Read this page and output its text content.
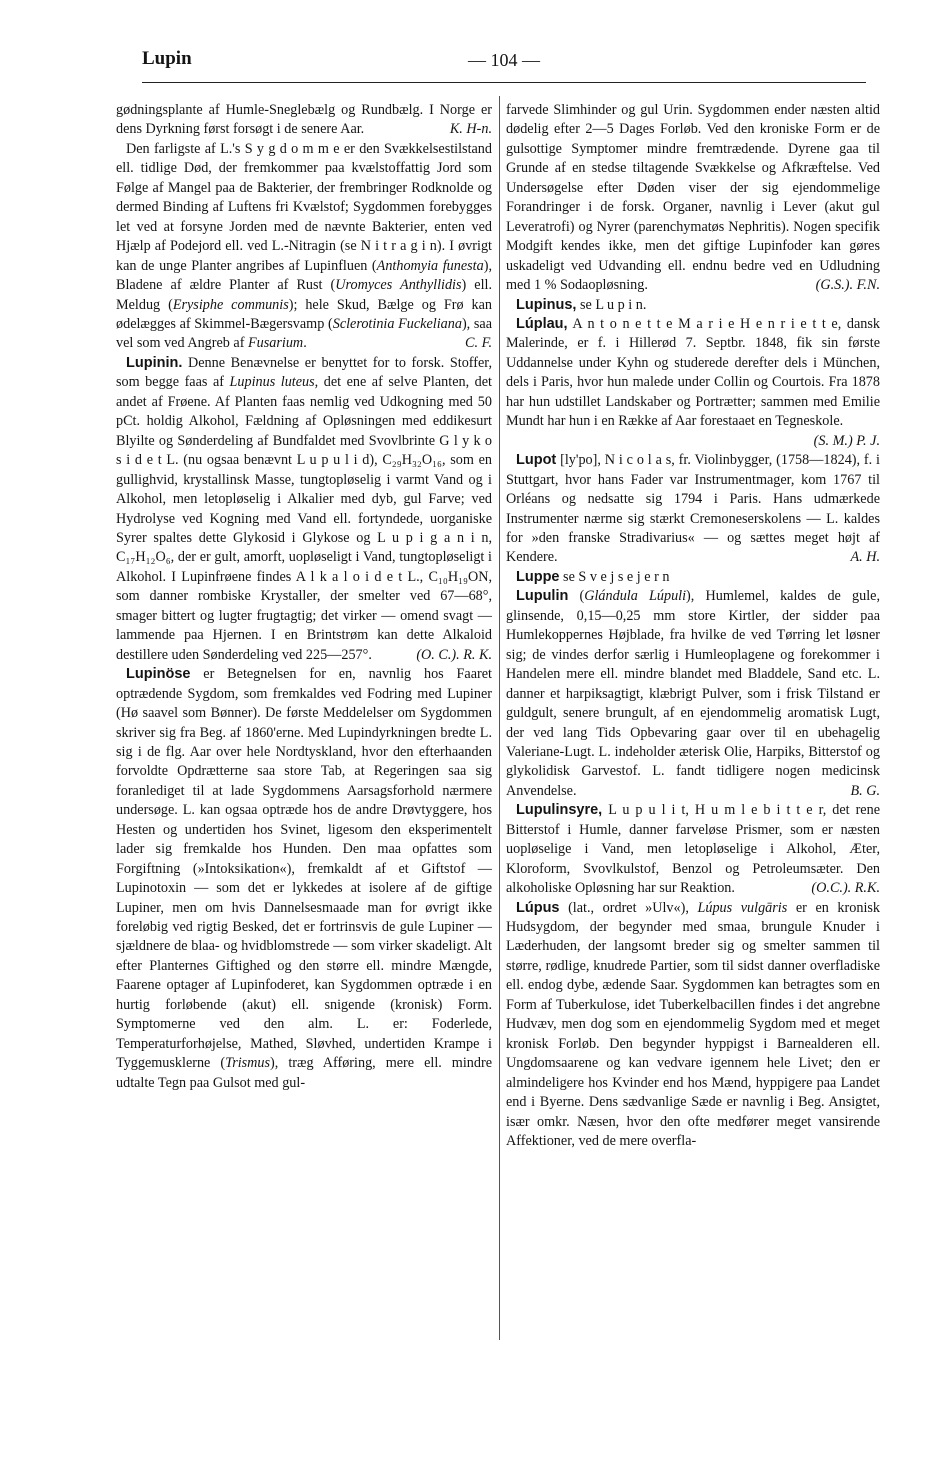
Lupin	— 104 —

gødningsplante af Humle-Sneglebælg og Rundbælg. I Norge er dens Dyrkning først forsøgt i de senere Aar.	K. H-n.

Den farligste af L.'s S y g d o m m e er den Svækkelsestilstand ell. tidlige Død, der fremkommer paa kvælstoffattig Jord som Følge af Mangel paa de Bakterier, der frembringer Rodknolde og dermed Binding af Luftens fri Kvælstof; Sygdommen forebygges let ved at forsyne Jorden med de nævnte Bakterier, enten ved Hjælp af Podejord ell. ved L.-Nitragin (se N i t r a g i n). I øvrigt kan de unge Planter angribes af Lupinfluen (Anthomyia funesta), Bladene af ældre Planter af Rust (Uromyces Anthyllidis) ell. Meldug (Erysiphe communis); hele Skud, Bælge og Frø kan ødelægges af Skimmel-Bægersvamp (Sclerotinia Fuckeliana), saa vel som ved Angreb af Fusarium.	C. F.

Lupinin. Denne Benævnelse er benyttet for to forsk. Stoffer, som begge faas af Lupinus luteus, det ene af selve Planten, det andet af Frøene. Af Planten faas nemlig ved Udkogning med 50 pCt. holdig Alkohol, Fældning af Opløsningen med eddikesurt Blyilte og Sønderdeling af Bundfaldet med Svovlbrinte G l y k o s i d e t L. (nu ogsaa benævnt L u p u l i d), C₂₉H₃₂O₁₆, som en gullighvid, krystallinsk Masse, tungtopløselig i varmt Vand og i Alkohol, men letopløselig i Alkalier med dyb, gul Farve; ved Hydrolyse ved Kogning med Vand ell. fortyndede, uorganiske Syrer spaltes dette Glykosid i Glykose og L u p i g a n i n, C₁₇H₁₂O₆, der er gult, amorft, uopløseligt i Vand, tungtopløseligt i Alkohol. I Lupinfrøene findes A l k a l o i d e t L., C₁₀H₁₉ON, som danner rombiske Krystaller, der smelter ved 67—68°, smager bittert og lugter frugtagtig; det virker — omend svagt — lammende paa Hjernen. I en Brintstrøm kan dette Alkaloid destillere uden Sønderdeling ved 225—257°.	(O. C.). R. K.

Lupinöse er Betegnelsen for en, navnlig hos Faaret optrædende Sygdom, som fremkaldes ved Fodring med Lupiner (Hø saavel som Bønner). De første Meddelelser om Sygdommen skriver sig fra Beg. af 1860'erne. Med Lupindyrkningen bredte L. sig i de flg. Aar over hele Nordtyskland, hvor den efterhaanden forvoldte Opdrætterne saa store Tab, at Regeringen saa sig foranlediget til at lade Sygdommens Aarsagsforhold nærmere undersøge. L. kan ogsaa optræde hos de andre Drøvtyggere, hos Hesten og undertiden hos Svinet, ligesom den eksperimentelt lader sig fremkalde hos Hunden. Den maa opfattes som Forgiftning (»Intoksikation«), fremkaldt af et Giftstof — Lupinotoxin — som det er lykkedes at isolere af de giftige Lupiner, men om hvis Dannelsesmaade man for øvrigt ikke foreløbig ved rigtig Besked, det er fortrinsvis de gule Lupiner — sjældnere de blaa- og hvidblomstrede — som virker skadeligt. Alt efter Planternes Giftighed og den større ell. mindre Mængde, Faarene optager af Lupinfoderet, kan Sygdommen optræde i en hurtig forløbende (akut) ell. snigende (kronisk) Form. Symptomerne ved den alm. L. er: Foderlede, Temperaturforhøjelse, Mathed, Sløvhed, undertiden Krampe i Tyggemusklerne (Trismus), træg Afføring, mere ell. mindre udtalte Tegn paa Gulsot med gul-

farvede Slimhinder og gul Urin. Sygdommen ender næsten altid dødelig efter 2—5 Dages Forløb. Ved den kroniske Form er de gulsottige Symptomer mindre fremtrædende. Dyrene gaa til Grunde af en stedse tiltagende Svækkelse og Afkræftelse. Ved Undersøgelse efter Døden viser der sig ejendommelige Forandringer i de forsk. Organer, navnlig i Lever (akut gul Leveratrofi) og Nyrer (parenchymatøs Nephritis). Nogen specifik Modgift kendes ikke, men det giftige Lupinfoder kan gøres uskadeligt ved Udvanding ell. endnu bedre ved en Udludning med 1 % Sodaopløsning.	(G.S.). F.N.

Lupinus, se L u p i n.

Lúplau, A n t o n e t t e M a r i e H e n r i e t t e, dansk Malerinde, er f. i Hillerød 7. Septbr. 1848, fik sin første Uddannelse under Kyhn og studerede derefter dels i München, dels i Paris, hvor hun malede under Collin og Courtois. Fra 1878 har hun udstillet Landskaber og Portrætter; sammen med Emilie Mundt har hun i en Række af Aar forestaaet en Tegneskole.
(S. M.) P. J.

Lupot [ly'po], N i c o l a s, fr. Violinbygger, (1758—1824), f. i Stuttgart, hvor hans Fader var Instrumentmager, kom 1767 til Orléans og nedsatte sig 1794 i Paris. Hans udmærkede Instrumenter nærme sig stærkt Cremoneserskolens — L. kaldes for »den franske Stradivarius« — og sættes meget højt af Kendere.	A. H.

Luppe se S v e j s e j e r n

Lupulin (Glándula Lúpuli), Humlemel, kaldes de gule, glinsende, 0,15—0,25 mm store Kirtler, der sidder paa Humlekoppernes Højblade, fra hvilke de ved Tørring let løsner sig; de vindes derfor særlig i Humleoplagene og forekommer i Handelen mere ell. mindre blandet med Bladdele, Sand etc. L. danner et harpiksagtigt, klæbrigt Pulver, som i frisk Tilstand er guldgult, senere brungult, af en ejendommelig aromatisk Lugt, der ved lang Tids Opbevaring gaar over til en ubehagelig Valeriane-Lugt. L. indeholder æterisk Olie, Harpiks, Bitterstof og glykolidisk Garvestof. L. fandt tidligere nogen medicinsk Anvendelse.	B. G.

Lupulinsyre, L u p u l i t, H u m l e b i t t e r, det rene Bitterstof i Humle, danner farveløse Prismer, som er næsten uopløselige i Vand, men letopløselige i Alkohol, Æter, Kloroform, Svovlkulstof, Benzol og Petroleumsæter. Den alkoholiske Opløsning har sur Reaktion.	(O.C.). R.K.

Lúpus (lat., ordret »Ulv«), Lúpus vulgāris er en kronisk Hudsygdom, der begynder med smaa, brungule Knuder i Læderhuden, der langsomt breder sig og smelter sammen til større, rødlige, knudrede Partier, som til sidst danner overfladiske ell. endog dybe, ædende Saar. Sygdommen kan betragtes som en Form af Tuberkulose, idet Tuberkelbacillen findes i det angrebne Hudvæv, men dog som en ejendommelig Sygdom med et meget kronisk Forløb. Den begynder hyppigst i Barnealderen ell. Ungdomsaarene og kan vedvare igennem hele Livet; den er almindeligere hos Kvinder end hos Mænd, hyppigere paa Landet end i Byerne. Dens sædvanlige Sæde er navnlig i Beg. Ansigtet, især omkr. Næsen, hvor den ofte medfører meget vansirende Affektioner, ved de mere overfla-
